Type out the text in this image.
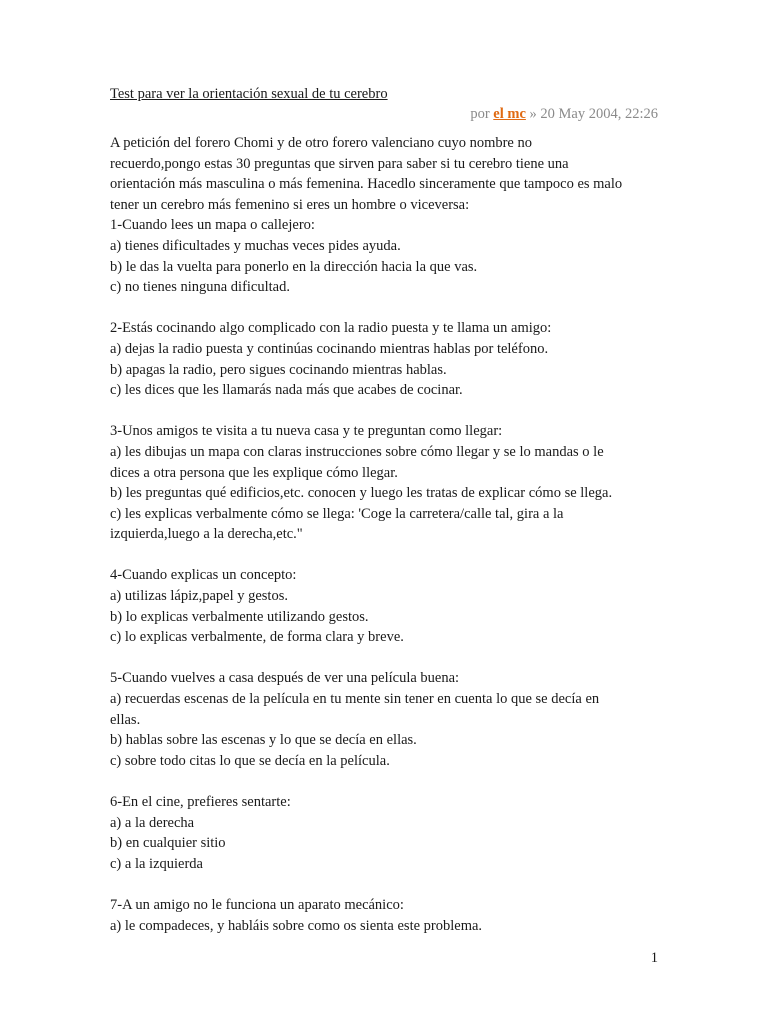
Test para ver la orientación sexual de tu cerebro
por el mc » 20 May 2004, 22:26
A petición del forero Chomi y de otro forero valenciano cuyo nombre no
recuerdo,pongo estas 30 preguntas que sirven para saber si tu cerebro tiene una
orientación más masculina o más femenina. Hacedlo sinceramente que tampoco es malo
tener un cerebro más femenino si eres un hombre o viceversa:
1-Cuando lees un mapa o callejero:
a) tienes dificultades y muchas veces pides ayuda.
b) le das la vuelta para ponerlo en la dirección hacia la que vas.
c) no tienes ninguna dificultad.
2-Estás cocinando algo complicado con la radio puesta y te llama un amigo:
a) dejas la radio puesta y continúas cocinando mientras hablas por teléfono.
b) apagas la radio, pero sigues cocinando mientras hablas.
c) les dices que les llamarás nada más que acabes de cocinar.
3-Unos amigos te visita a tu nueva casa y te preguntan como llegar:
a) les dibujas un mapa con claras instrucciones sobre cómo llegar y se lo mandas o le
dices a otra persona que les explique cómo llegar.
b) les preguntas qué edificios,etc. conocen y luego les tratas de explicar cómo se llega.
c) les explicas verbalmente cómo se llega: 'Coge la carretera/calle tal, gira a la
izquierda,luego a la derecha,etc."
4-Cuando explicas un concepto:
a) utilizas lápiz,papel y gestos.
b) lo explicas verbalmente utilizando gestos.
c) lo explicas verbalmente, de forma clara y breve.
5-Cuando vuelves a casa después de ver una película buena:
a) recuerdas escenas de la película en tu mente sin tener en cuenta lo que se decía en
ellas.
b) hablas sobre las escenas y lo que se decía en ellas.
c) sobre todo citas lo que se decía en la película.
6-En el cine, prefieres sentarte:
a) a la derecha
b) en cualquier sitio
c) a la izquierda
7-A un amigo no le funciona un aparato mecánico:
a) le compadeces, y habláis sobre como os sienta este problema.
1
